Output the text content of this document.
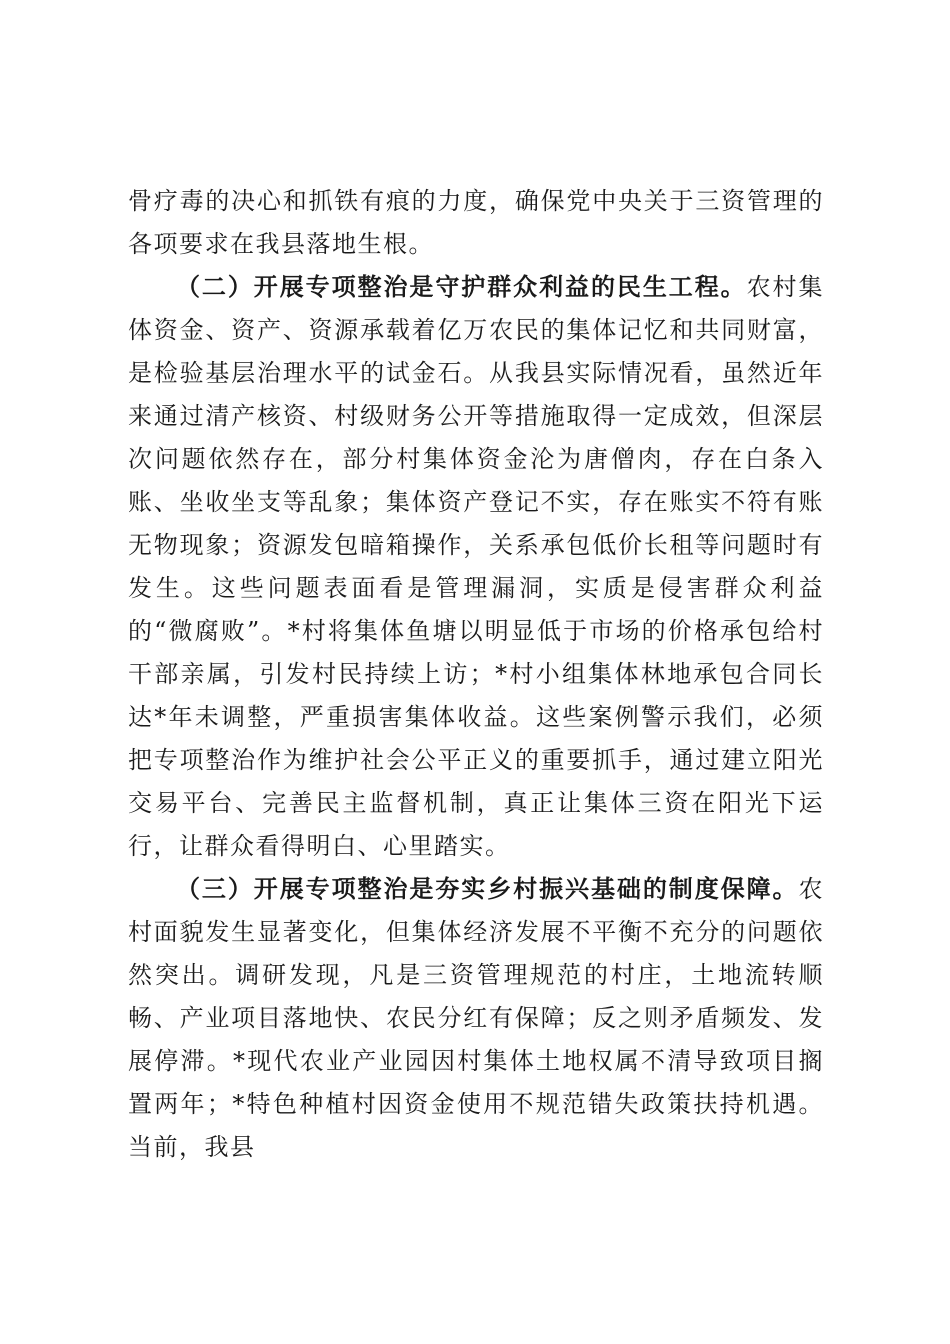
骨疗毒的决心和抓铁有痕的力度，确保党中央关于三资管理的各项要求在我县落地生根。

（二）开展专项整治是守护群众利益的民生工程。农村集体资金、资产、资源承载着亿万农民的集体记忆和共同财富，是检验基层治理水平的试金石。从我县实际情况看，虽然近年来通过清产核资、村级财务公开等措施取得一定成效，但深层次问题依然存在，部分村集体资金沦为唐僧肉，存在白条入账、坐收坐支等乱象；集体资产登记不实，存在账实不符有账无物现象；资源发包暗箱操作，关系承包低价长租等问题时有发生。这些问题表面看是管理漏洞，实质是侵害群众利益的“微腐败”。*村将集体鱼塘以明显低于市场的价格承包给村干部亲属，引发村民持续上访；*村小组集体林地承包合同长达*年未调整，严重损害集体收益。这些案例警示我们，必须把专项整治作为维护社会公平正义的重要抓手，通过建立阳光交易平台、完善民主监督机制，真正让集体三资在阳光下运行，让群众看得明白、心里踏实。

（三）开展专项整治是夯实乡村振兴基础的制度保障。农村面貌发生显著变化，但集体经济发展不平衡不充分的问题依然突出。调研发现，凡是三资管理规范的村庄，土地流转顺畅、产业项目落地快、农民分红有保障；反之则矛盾频发、发展停滞。*现代农业产业园因村集体土地权属不清导致项目搁置两年；*特色种植村因资金使用不规范错失政策扶持机遇。当前，我县
